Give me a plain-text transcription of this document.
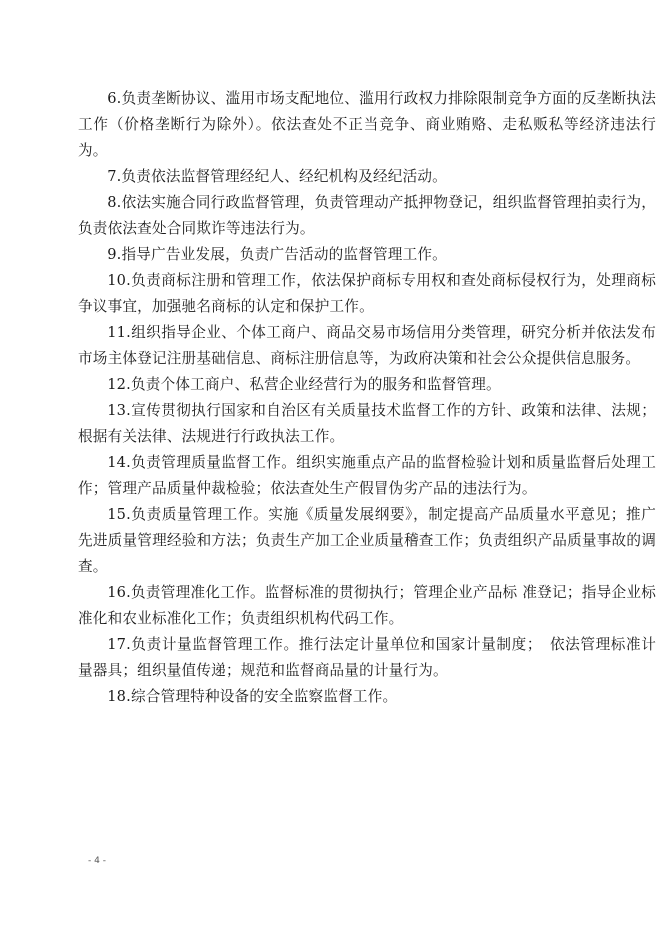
6.负责垄断协议、滥用市场支配地位、滥用行政权力排除限制竞争方面的反垄断执法工作（价格垄断行为除外）。依法查处不正当竞争、商业贿赂、走私贩私等经济违法行为。

7.负责依法监督管理经纪人、经纪机构及经纪活动。

8.依法实施合同行政监督管理，负责管理动产抵押物登记，组织监督管理拍卖行为，负责依法查处合同欺诈等违法行为。

9.指导广告业发展，负责广告活动的监督管理工作。

10.负责商标注册和管理工作，依法保护商标专用权和查处商标侵权行为，处理商标争议事宜，加强驰名商标的认定和保护工作。

11.组织指导企业、个体工商户、商品交易市场信用分类管理，研究分析并依法发布市场主体登记注册基础信息、商标注册信息等，为政府决策和社会公众提供信息服务。

12.负责个体工商户、私营企业经营行为的服务和监督管理。

13.宣传贯彻执行国家和自治区有关质量技术监督工作的方针、政策和法律、法规；根据有关法律、法规进行行政执法工作。

14.负责管理质量监督工作。组织实施重点产品的监督检验计划和质量监督后处理工作；管理产品质量仲裁检验；依法查处生产假冒伪劣产品的违法行为。

15.负责质量管理工作。实施《质量发展纲要》，制定提高产品质量水平意见；推广先进质量管理经验和方法；负责生产加工企业质量稽查工作；负责组织产品质量事故的调查。

16.负责管理准化工作。监督标准的贯彻执行；管理企业产品标 准登记；指导企业标准化和农业标准化工作；负责组织机构代码工作。

17.负责计量监督管理工作。推行法定计量单位和国家计量制度；　依法管理标准计量器具；组织量值传递；规范和监督商品量的计量行为。

18.综合管理特种设备的安全监察监督工作。

- 4 -
